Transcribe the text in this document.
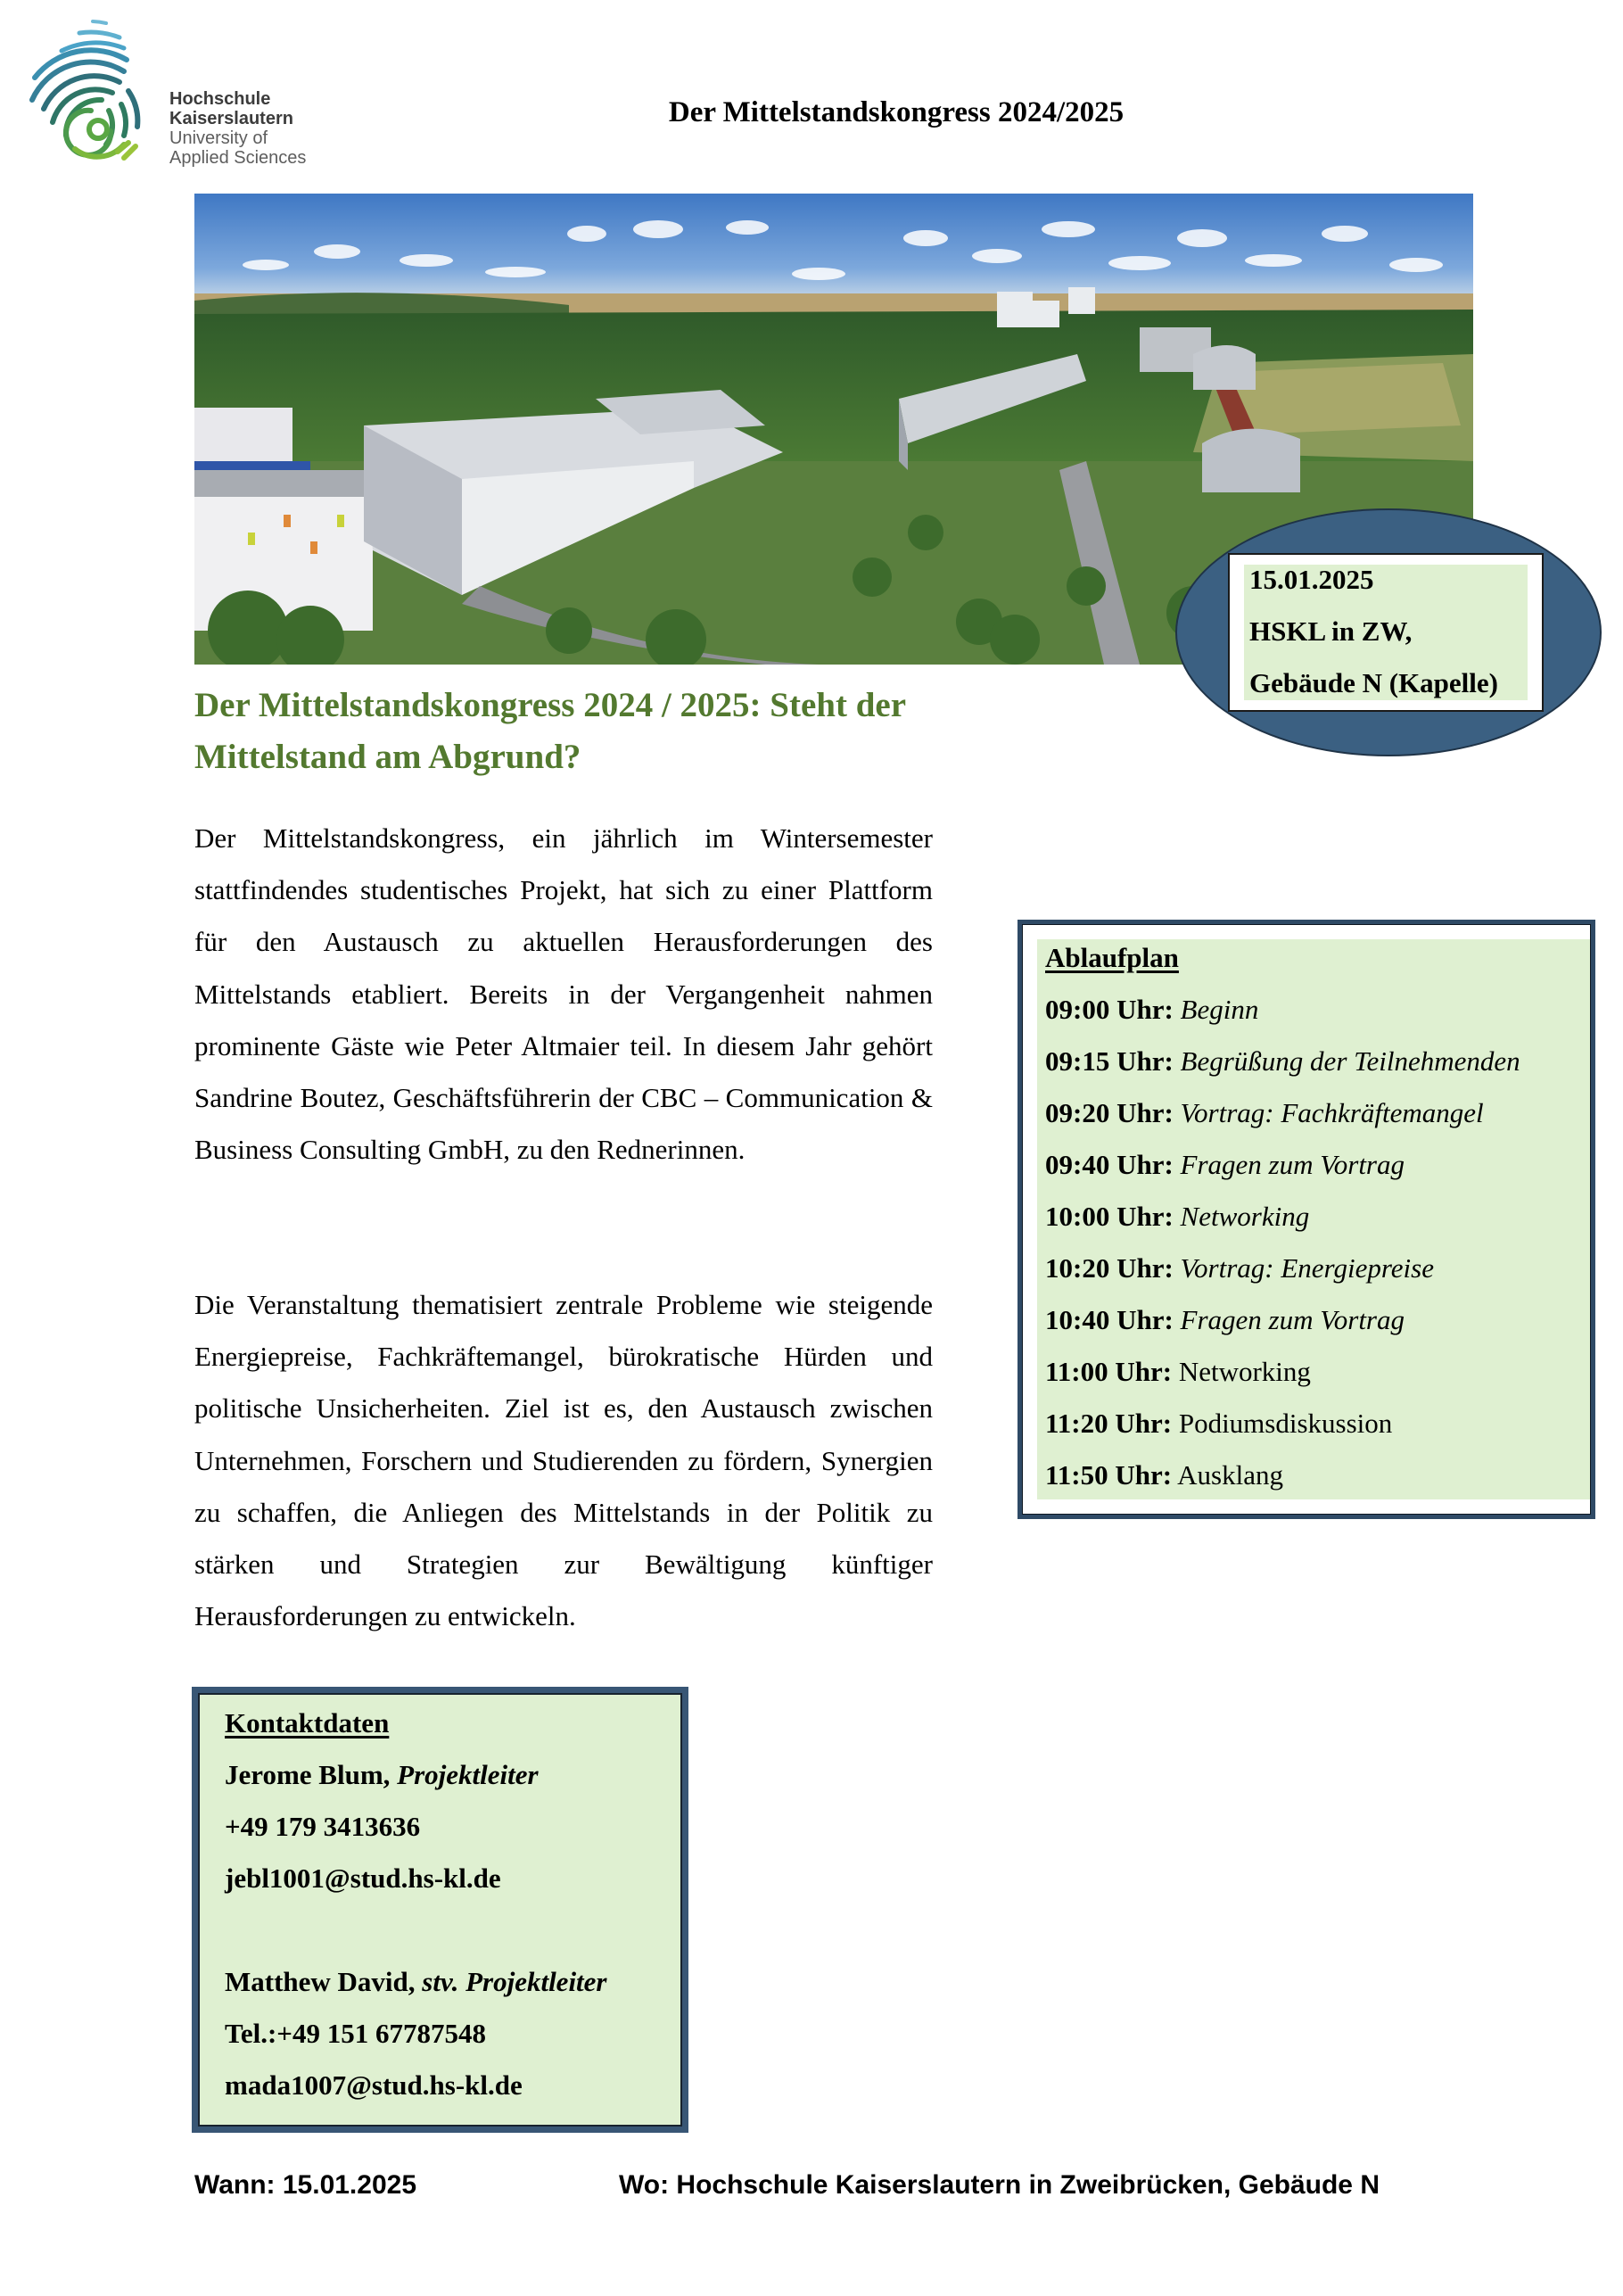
Hochschule
Kaiserslautern
University of
Applied Sciences
Der Mittelstandskongress 2024/2025
15.01.2025
HSKL in ZW,
Gebäude N (Kapelle)
Der Mittelstandskongress 2024 / 2025: Steht der Mittelstand am Abgrund?

Der Mittelstandskongress, ein jährlich im Wintersemester stattfindendes studentisches Projekt, hat sich zu einer Plattform für den Austausch zu aktuellen Herausforderungen des Mittelstands etabliert. Bereits in der Vergangenheit nahmen prominente Gäste wie Peter Altmaier teil. In diesem Jahr gehört Sandrine Boutez, Geschäftsführerin der CBC – Communication & Business Consulting GmbH, zu den Rednerinnen.

Die Veranstaltung thematisiert zentrale Probleme wie steigende Energiepreise, Fachkräftemangel, bürokratische Hürden und politische Unsicherheiten. Ziel ist es, den Austausch zwischen Unternehmen, Forschern und Studierenden zu fördern, Synergien zu schaffen, die Anliegen des Mittelstands in der Politik zu stärken und Strategien zur Bewältigung künftiger Herausforderungen zu entwickeln.

Ablaufplan
09:00 Uhr: Beginn
09:15 Uhr: Begrüßung der Teilnehmenden
09:20 Uhr: Vortrag: Fachkräftemangel
09:40 Uhr: Fragen zum Vortrag
10:00 Uhr: Networking
10:20 Uhr: Vortrag: Energiepreise
10:40 Uhr: Fragen zum Vortrag
11:00 Uhr: Networking
11:20 Uhr: Podiumsdiskussion
11:50 Uhr: Ausklang
Kontaktdaten
Jerome Blum, Projektleiter
+49 179 3413636
jebl1001@stud.hs-kl.de
Matthew David, stv. Projektleiter
Tel.:+49 151 67787548
mada1007@stud.hs-kl.de
Wann: 15.01.2025	Wo: Hochschule Kaiserslautern in Zweibrücken, Gebäude N
